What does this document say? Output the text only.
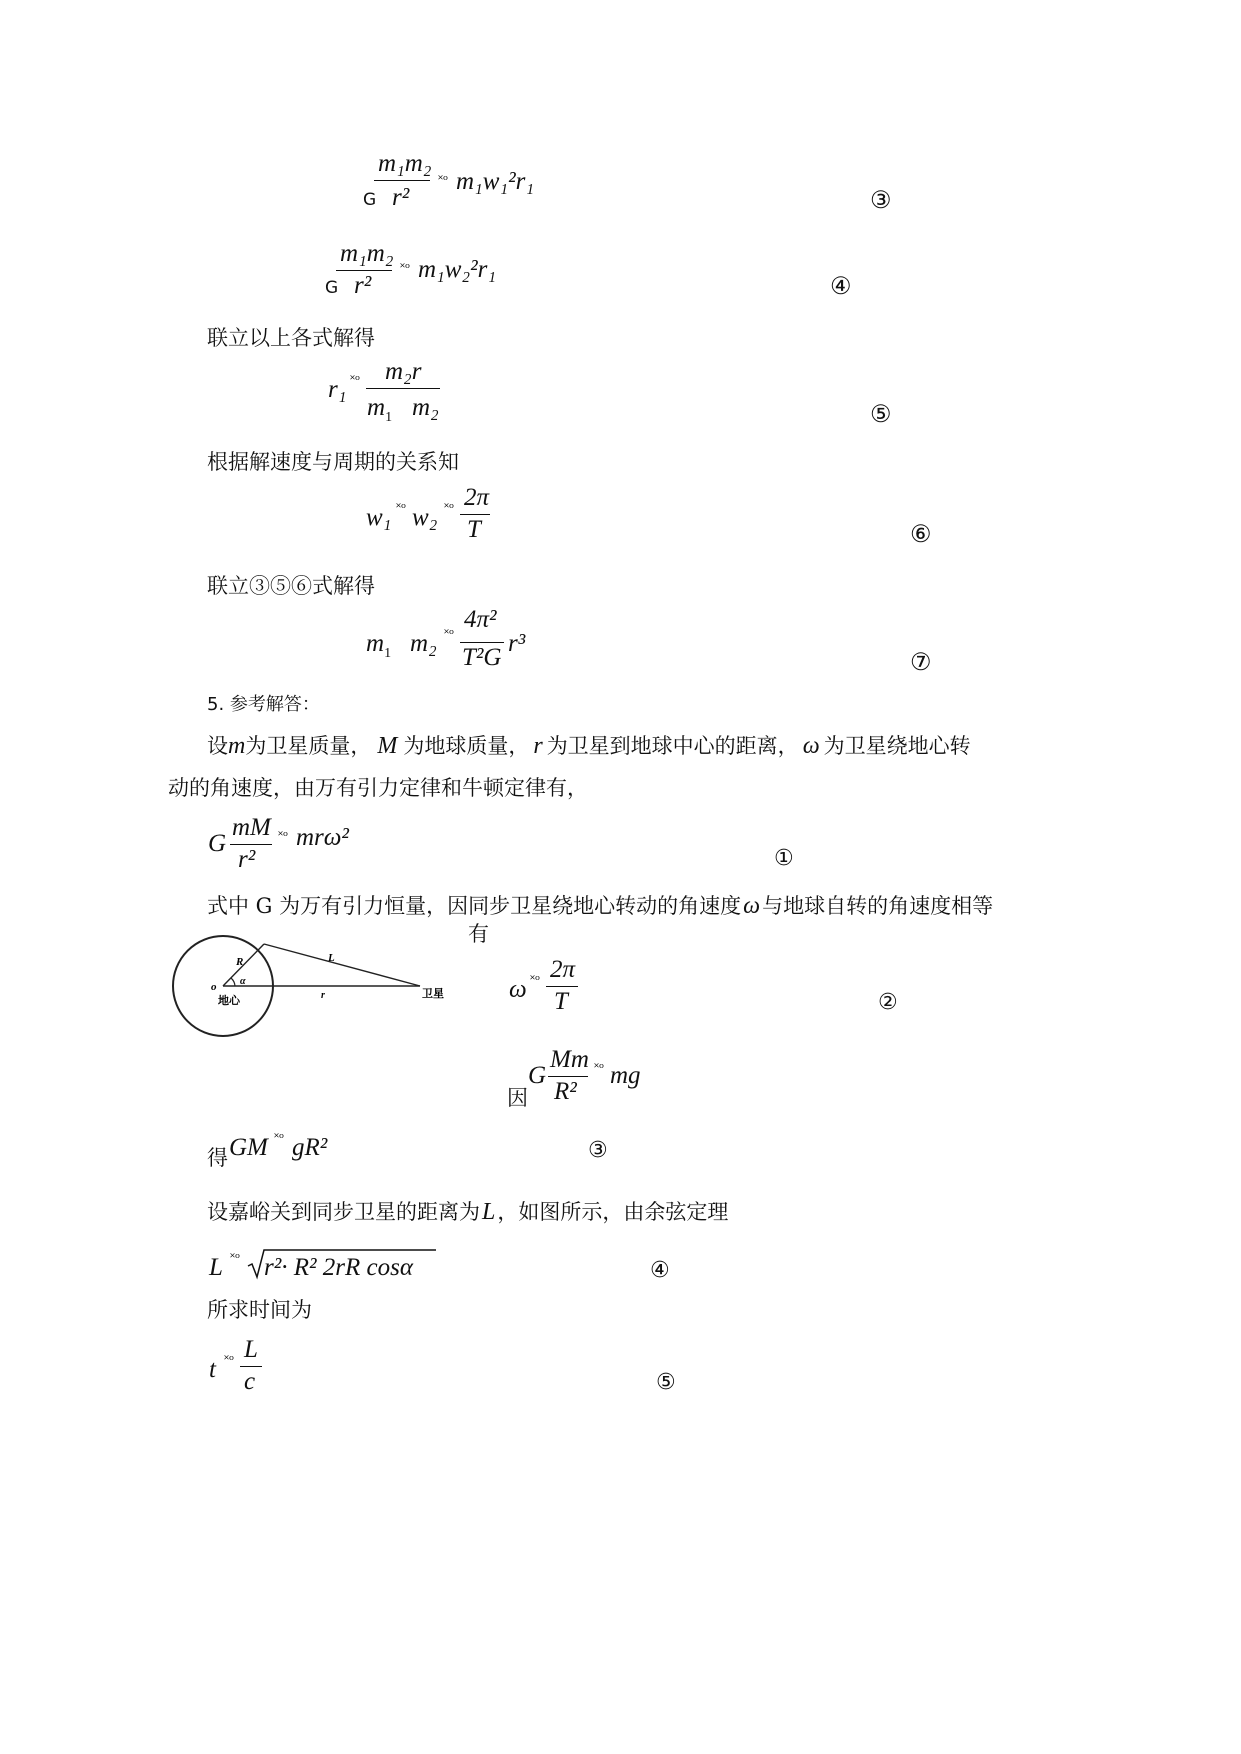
m₁m₂
r²
G
˟ᵒ m₁w₁²r₁
③
m₁m₂
r²
G
˟ᵒ m₁w₂²r₁
④
联立以上各式解得
r₁ ˟ᵒ m₂r
$m_1$ m₂	⑤
根据解速度与周期的关系知
w₁ ˟ᵒ w₂ ˟ᵒ 2π
T	⑥
联立③⑤⑥式解得
$m_1$ m₂ ˟ᵒ
4π²
T²G
r³
⑦
5. 参考解答：
设m为卫星质量， M 为地球质量， r 为卫星到地球中心的距离， ω 为卫星绕地心转
动的角速度，由万有引力定律和牛顿定律有，
G
mM
r²
˟ᵒ mrω²
①
式中 G 为万有引力恒量，因同步卫星绕地心转动的角速度ω与地球自转的角速度相等
有
R	L
o α
地心	r	卫星	ω ˟ᵒ 2π
T	②
因
G
Mm
R²
˟ᵒ mg
得 GM ˟ᵒ gR²	③
设嘉峪关到同步卫星的距离为L，如图所示，由余弦定理
L ˟ᵒ r²· R² 2rR cosα	④
所求时间为
t ˟ᵒ L
c	⑤
